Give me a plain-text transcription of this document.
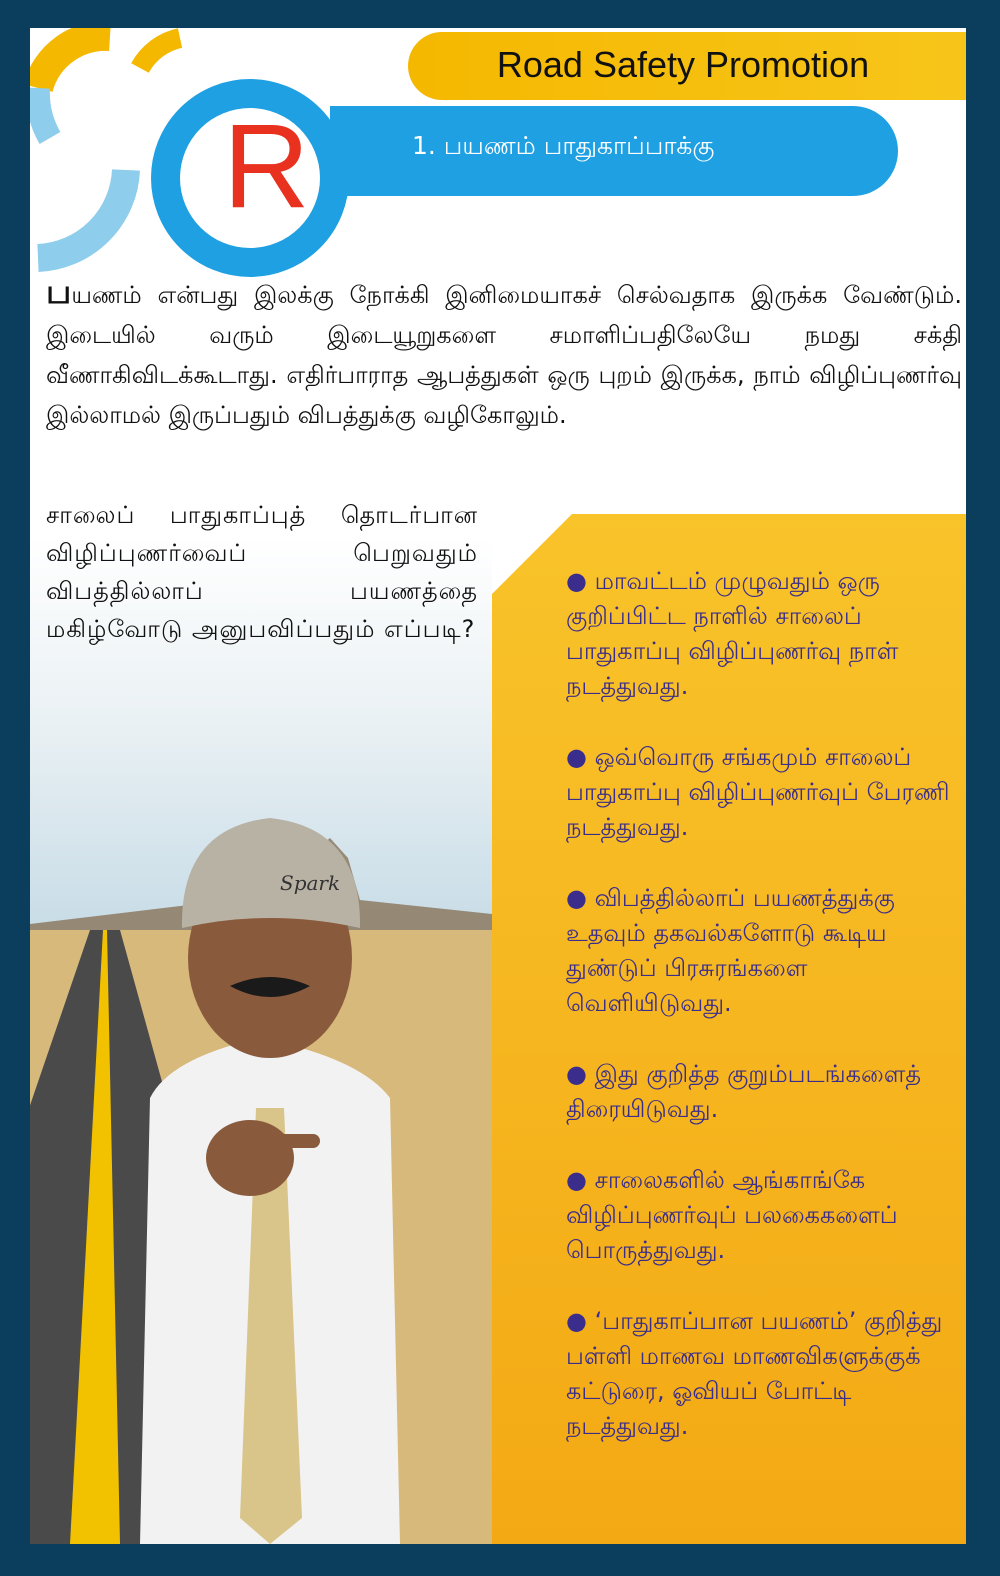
Road Safety Promotion
R	1. பயணம் பாதுகாப்பாக்கு

பயணம் என்பது இலக்கு நோக்கி இனிமையாகச் செல்வதாக இருக்க வேண்டும். இடையில் வரும் இடையூறுகளை சமாளிப்பதிலேயே நமது சக்தி வீணாகிவிடக்கூடாது. எதிர்பாராத ஆபத்துகள் ஒரு புறம் இருக்க, நாம் விழிப்புணர்வு இல்லாமல் இருப்பதும் விபத்துக்கு வழிகோலும்.

Spark

சாலைப் பாதுகாப்புத் தொடர்பான விழிப்புணர்வைப் பெறுவதும் விபத்தில்லாப் பயணத்தை மகிழ்வோடு அனுபவிப்பதும் எப்படி?

● மாவட்டம் முழுவதும் ஒரு குறிப்பிட்ட நாளில் சாலைப் பாதுகாப்பு விழிப்புணர்வு நாள் நடத்துவது.
● ஒவ்வொரு சங்கமும் சாலைப் பாதுகாப்பு விழிப்புணர்வுப் பேரணி நடத்துவது.
● விபத்தில்லாப் பயணத்துக்கு உதவும் தகவல்களோடு கூடிய துண்டுப் பிரசுரங்களை வெளியிடுவது.
● இது குறித்த குறும்படங்களைத் திரையிடுவது.
● சாலைகளில் ஆங்காங்கே விழிப்புணர்வுப் பலகைகளைப் பொருத்துவது.
● ‘பாதுகாப்பான பயணம்’ குறித்து பள்ளி மாணவ மாணவிகளுக்குக் கட்டுரை, ஓவியப் போட்டி நடத்துவது.
